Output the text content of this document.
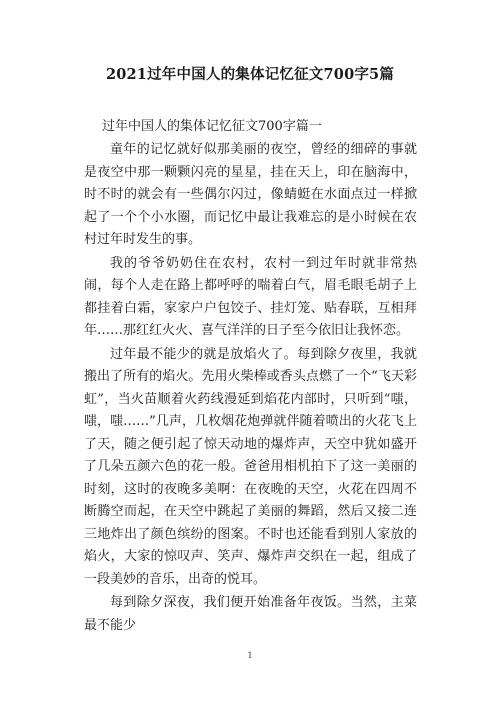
2021过年中国人的集体记忆征文700字5篇

过年中国人的集体记忆征文700字篇一

童年的记忆就好似那美丽的夜空，曾经的细碎的事就是夜空中那一颗颗闪亮的星星，挂在天上，印在脑海中，时不时的就会有一些偶尔闪过，像蜻蜓在水面点过一样掀起了一个个小水圈，而记忆中最让我难忘的是小时候在农村过年时发生的事。

我的爷爷奶奶住在农村，农村一到过年时就非常热闹，每个人走在路上都呼呼的喘着白气，眉毛眼毛胡子上都挂着白霜，家家户户包饺子、挂灯笼、贴春联，互相拜年……那红红火火、喜气洋洋的日子至今依旧让我怀恋。

过年最不能少的就是放焰火了。每到除夕夜里，我就搬出了所有的焰火。先用火柴棒或香头点燃了一个“飞天彩虹”，当火苗顺着火药线漫延到焰花内部时，只听到“嗤，嗤，嗤……”几声，几枚烟花炮弹就伴随着喷出的火花飞上了天，随之便引起了惊天动地的爆炸声，天空中犹如盛开了几朵五颜六色的花一般。爸爸用相机拍下了这一美丽的时刻，这时的夜晚多美啊：在夜晚的天空，火花在四周不断腾空而起，在天空中跳起了美丽的舞蹈，然后又接二连三地炸出了颜色缤纷的图案。不时也还能看到别人家放的焰火，大家的惊叹声、笑声、爆炸声交织在一起，组成了一段美妙的音乐，出奇的悦耳。

每到除夕深夜，我们便开始准备年夜饭。当然，主菜最不能少

1
